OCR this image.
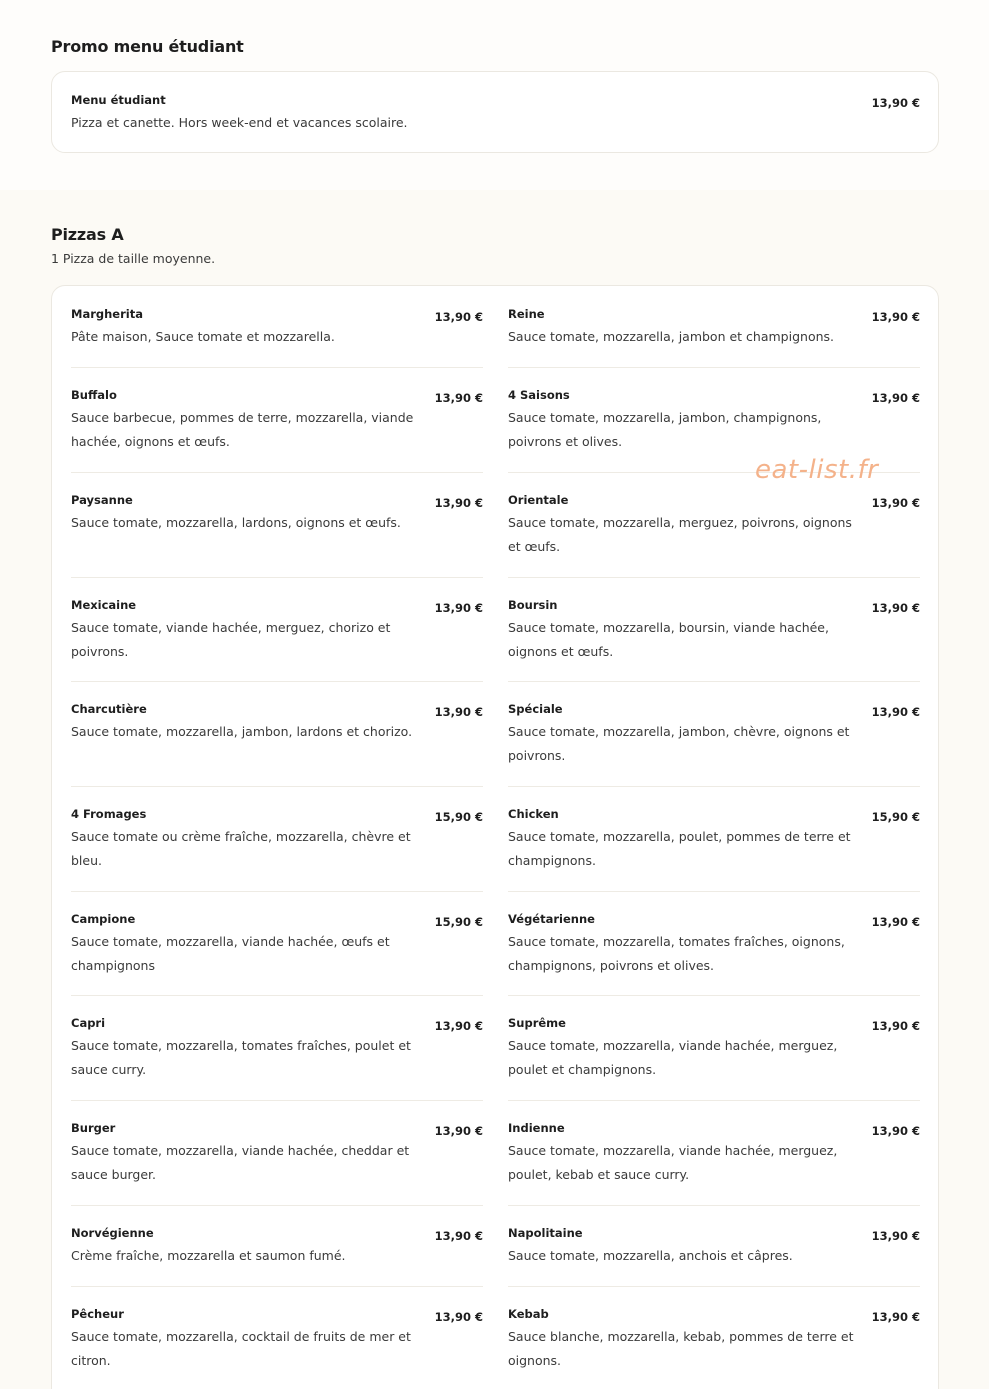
Promo menu étudiant
Menu étudiant
Pizza et canette. Hors week-end et vacances scolaire.
13,90 €
Pizzas A

1 Pizza de taille moyenne.

Margherita
Pâte maison, Sauce tomate et mozzarella.
13,90 € Reine
Sauce tomate, mozzarella, jambon et champignons.
13,90 €
Buffalo
Sauce barbecue, pommes de terre, mozzarella, viande hachée, oignons et œufs.
13,90 € 4 Saisons
Sauce tomate, mozzarella, jambon, champignons, poivrons et olives.
13,90 €
Paysanne
Sauce tomate, mozzarella, lardons, oignons et œufs.
13,90 € Orientale
Sauce tomate, mozzarella, merguez, poivrons, oignons et œufs.
13,90 €
Mexicaine
Sauce tomate, viande hachée, merguez, chorizo et poivrons.
13,90 € Boursin
Sauce tomate, mozzarella, boursin, viande hachée, oignons et œufs.
13,90 €
Charcutière
Sauce tomate, mozzarella, jambon, lardons et chorizo.
13,90 € Spéciale
Sauce tomate, mozzarella, jambon, chèvre, oignons et poivrons.
13,90 €
4 Fromages
Sauce tomate ou crème fraîche, mozzarella, chèvre et bleu.
15,90 € Chicken
Sauce tomate, mozzarella, poulet, pommes de terre et champignons.
15,90 €
Campione
Sauce tomate, mozzarella, viande hachée, œufs et champignons
15,90 € Végétarienne
Sauce tomate, mozzarella, tomates fraîches, oignons, champignons, poivrons et olives.
13,90 €
Capri
Sauce tomate, mozzarella, tomates fraîches, poulet et sauce curry.
13,90 € Suprême
Sauce tomate, mozzarella, viande hachée, merguez, poulet et champignons.
13,90 €
Burger
Sauce tomate, mozzarella, viande hachée, cheddar et sauce burger.
13,90 € Indienne
Sauce tomate, mozzarella, viande hachée, merguez, poulet, kebab et sauce curry.
13,90 €
Norvégienne
Crème fraîche, mozzarella et saumon fumé.
13,90 € Napolitaine
Sauce tomate, mozzarella, anchois et câpres.
13,90 €
Pêcheur
Sauce tomate, mozzarella, cocktail de fruits de mer et citron.
13,90 € Kebab
Sauce blanche, mozzarella, kebab, pommes de terre et oignons.
13,90 €
eat-list.fr
